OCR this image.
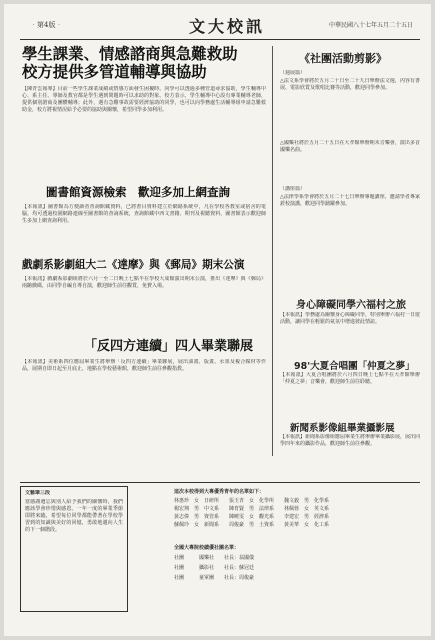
‧第4版‧	文大校訊	中華民國八十七年五月二十五日
學生課業、情感諮商與急難救助
校方提供多管道輔導與協助
【陳青雲報導】目前一些學生課業成績或情感方面發生困擾時，同學可以透過多種管道尋求協助，學生輔導中心、系主任、導師及教官都是學生遇到問題時可以求助的對象。校方表示，學生輔導中心設有專業輔導老師，提供個別諮商及團體輔導；此外，遇有急難事故需要經濟協助的同學，也可以向學務處生活輔導組申請急難救助金，校方將視情況給予必要的協助與關懷，希望同學多加利用。
圖書館資源檢索　歡迎多加上網查詢
【本報訊】圖書館為方便讀者查詢館藏資料，已將書目資料建立於網路系統中，凡在學校各教室或宿舍的電腦，均可透過校園網路連線至圖書館的查詢系統，查詢館藏中西文書籍、期刊及視聽資料，圖書館表示歡迎師生多加上網查詢利用。
戲劇系影劇組大二《達摩》與《郵局》期末公演
【本報訊】戲劇系影劇組將於六月一至二日晚上七點半在學校大成館演出期末公演，推出《達摩》與《郵局》兩齣戲碼，由同學自編自導自演，歡迎師生前往觀賞，免費入場。
「反四方連續」四人畢業聯展
【本報訊】美術系四位應屆畢業生將舉辦「反四方連續」畢業聯展，展出油畫、版畫、水墨及複合媒材等作品，展期自即日起至月底止，地點在學校藝術館，歡迎師生前往參觀指教。
《社團活動剪影》
（週展篇）
△法文系學會將於五月二十日至二十九日舉辦法文週，內容有書展、電影欣賞及歌唱比賽等活動，歡迎同學參加。
△國樂社將於五月二十五日在大孝館舉辦期末音樂會，演出多首國樂名曲。
（講座篇）
△法律學系學會將於五月二十七日舉辦專題講座，邀請學者專家蒞校演講，歡迎同學踴躍參加。
身心障礙同學六福村之旅
【本報訊】學務處為關懷身心障礙同學，特別舉辦六福村一日遊活動，讓同學在輕鬆的氣氛中增進彼此情誼。
98'大夏合唱團「仲夏之夢」
【本報訊】大夏合唱團將於六月四日晚上七點半在大孝館舉辦「仲夏之夢」音樂會，歡迎師生前往聆聽。
新聞系影像組畢業攝影展
【本報訊】新聞系影像組應屆畢業生將舉辦畢業攝影展，展出同學四年來的攝影作品，歡迎師生前往參觀。
文藝筆三段
當感謝遺忘與別人給予我們的關懷時，我們應該學會珍惜與感恩。一年一度的畢業季節即將來臨，希望每位同學都能帶著在學校學習到的知識與美好的回憶，勇敢地邁向人生的下一個階段。
這次本校得到大專優秀青年的名單如下：
林惠珍　女　日研所　　張玉青　女　化學所　　魏文毅　男　化學系
楊宏翔　男　中文系　　陳育賢　男　法律系　　林佩蓉　女　英文系
黃志偉　男　資管系　　陳曉雯　女　觀光系　　李建宏　男　經濟系
蘇佩玲　女　新聞系　　周俊豪　男　土資系　　黃美華　女　化工系
全國大專院校績優社團名單：
社團　　　國樂社　　社長：翁國儀
社團　　　攝影社　　社長：蘇冠廷
社團　　　童軍團　　社長：周俊豪
